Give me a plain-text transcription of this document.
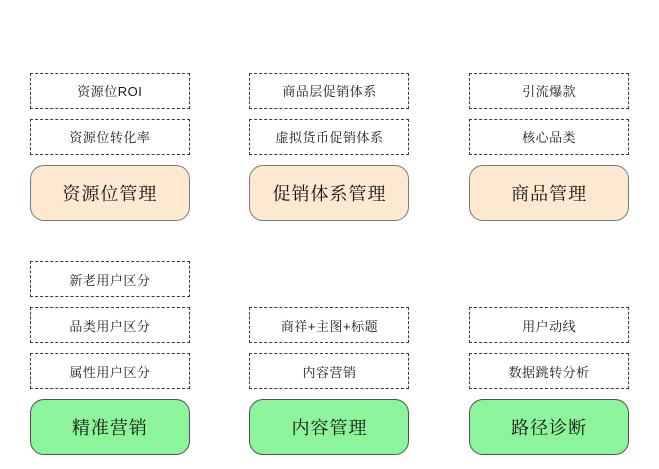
资源位ROI
资源位转化率
资源位管理
商品层促销体系
虚拟货币促销体系
促销体系管理
引流爆款
核心品类
商品管理
新老用户区分
品类用户区分
属性用户区分
精准营销
商祥+主图+标题
内容营销
内容管理
用户动线
数据跳转分析
路径诊断
